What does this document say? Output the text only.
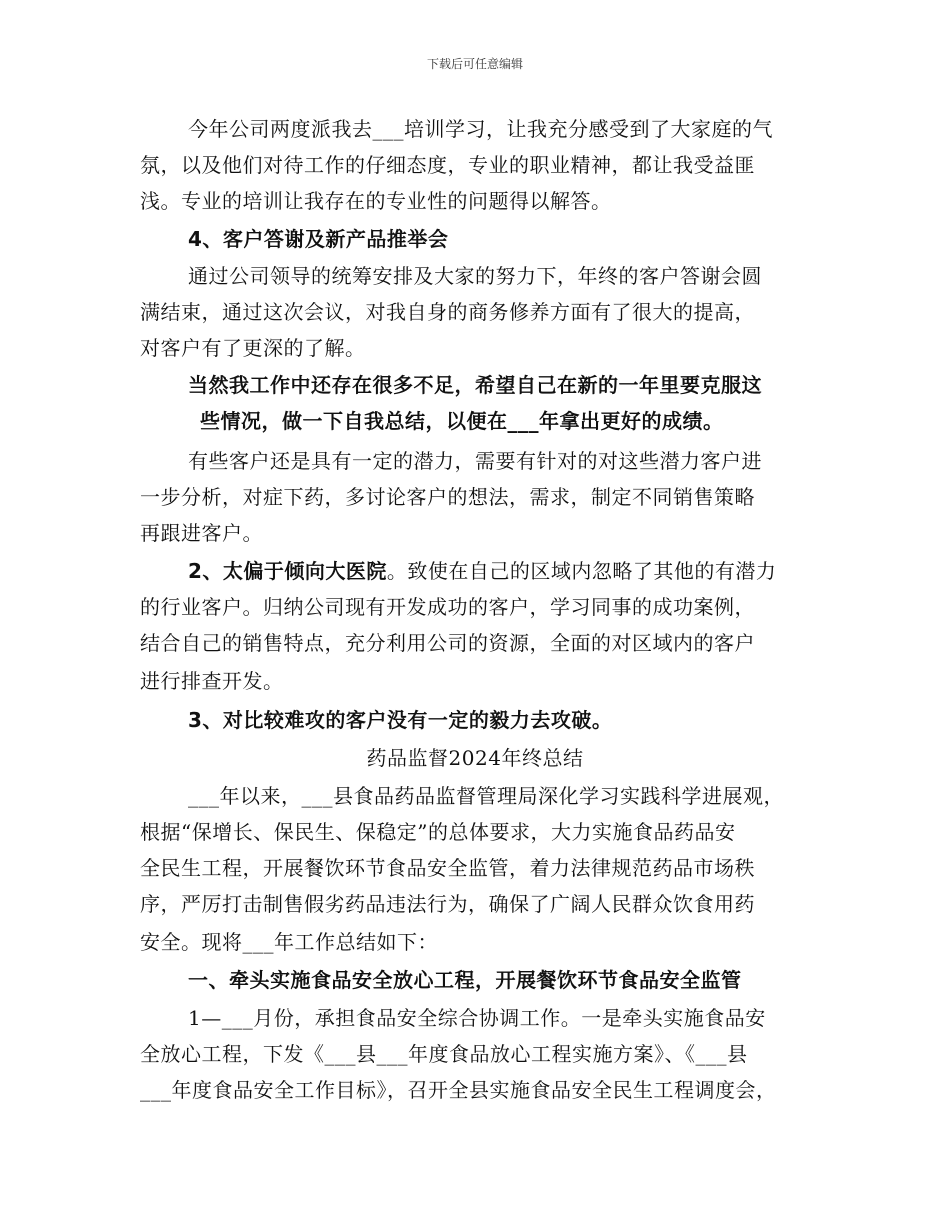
下载后可任意编辑
今年公司两度派我去___培训学习，让我充分感受到了大家庭的气
氛，以及他们对待工作的仔细态度，专业的职业精神，都让我受益匪
浅。专业的培训让我存在的专业性的问题得以解答。
4、客户答谢及新产品推举会
通过公司领导的统筹安排及大家的努力下，年终的客户答谢会圆
满结束，通过这次会议，对我自身的商务修养方面有了很大的提高，
对客户有了更深的了解。
当然我工作中还存在很多不足，希望自己在新的一年里要克服这
些情况，做一下自我总结，以便在___年拿出更好的成绩。
有些客户还是具有一定的潜力，需要有针对的对这些潜力客户进
一步分析，对症下药，多讨论客户的想法，需求，制定不同销售策略
再跟进客户。
2、太偏于倾向大医院。致使在自己的区域内忽略了其他的有潜力
的行业客户。归纳公司现有开发成功的客户，学习同事的成功案例，
结合自己的销售特点，充分利用公司的资源，全面的对区域内的客户
进行排查开发。
3、对比较难攻的客户没有一定的毅力去攻破。
药品监督2024年终总结
___年以来，___县食品药品监督管理局深化学习实践科学进展观，
根据“保增长、保民生、保稳定”的总体要求，大力实施食品药品安
全民生工程，开展餐饮环节食品安全监管，着力法律规范药品市场秩
序，严厉打击制售假劣药品违法行为，确保了广阔人民群众饮食用药
安全。现将___年工作总结如下：
一、牵头实施食品安全放心工程，开展餐饮环节食品安全监管
1—___月份，承担食品安全综合协调工作。一是牵头实施食品安
全放心工程，下发《___县___年度食品放心工程实施方案》、《___县
___年度食品安全工作目标》，召开全县实施食品安全民生工程调度会，
